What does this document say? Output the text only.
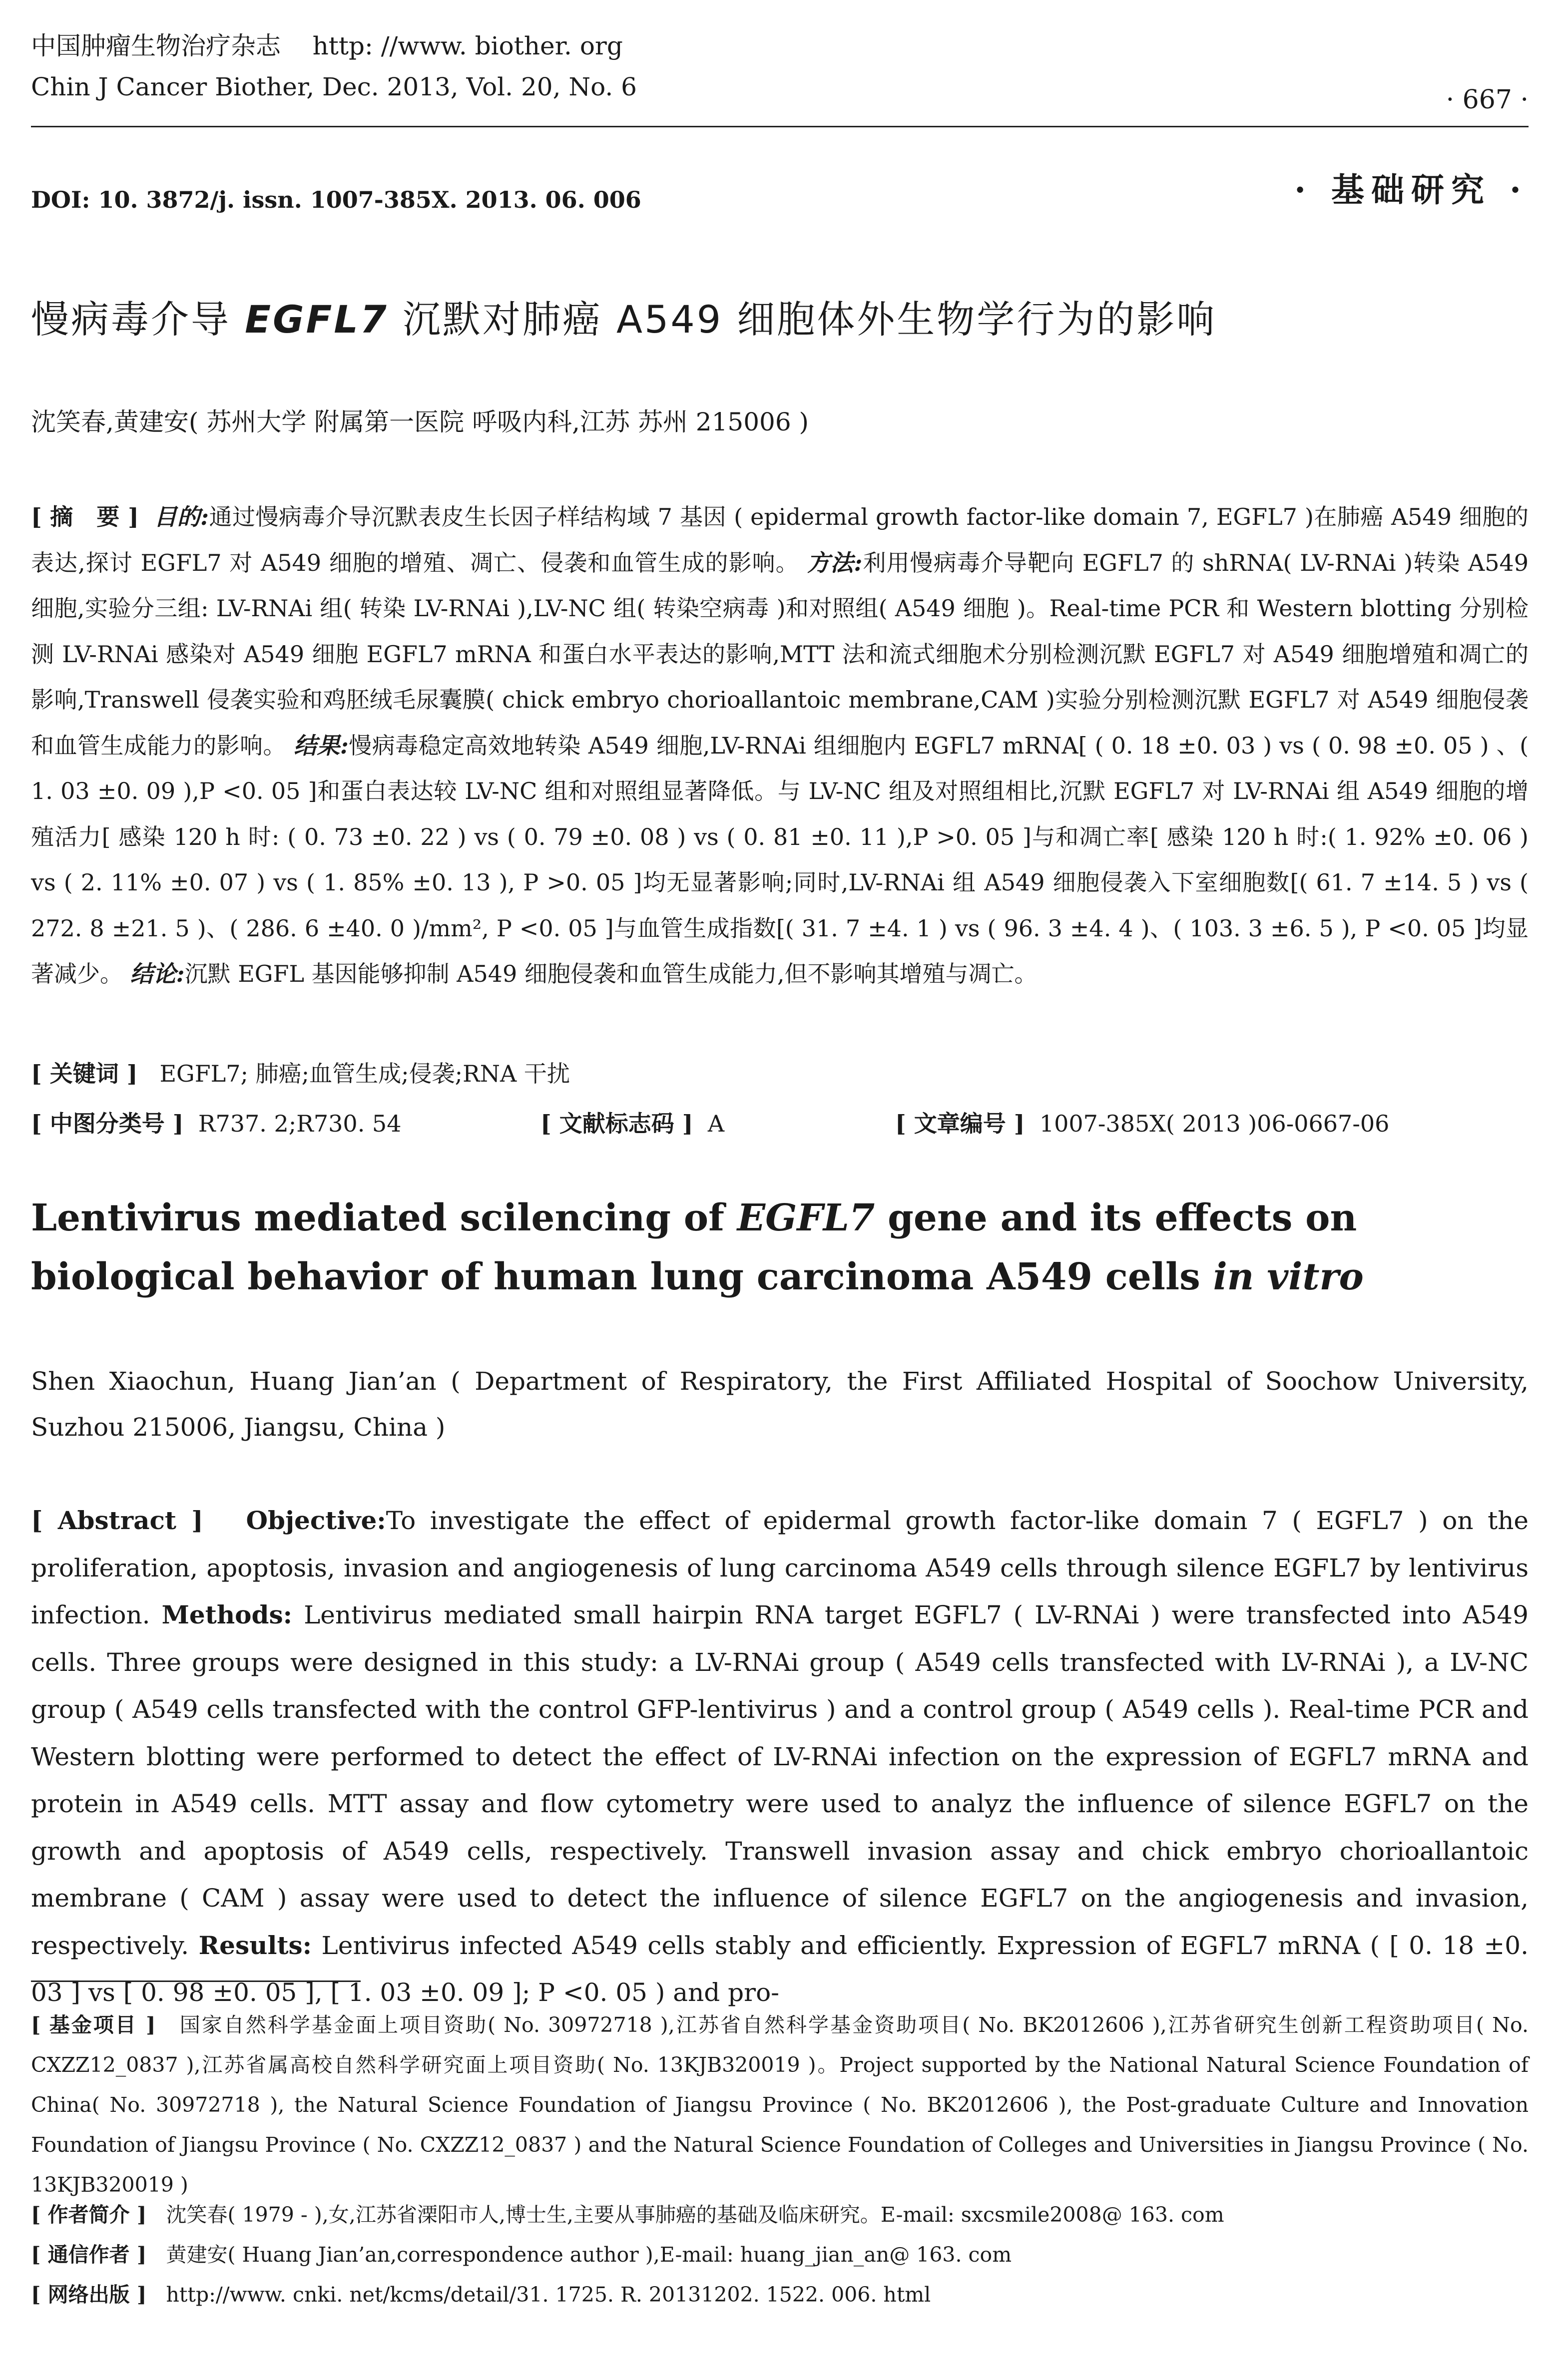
中国肿瘤生物治疗杂志 http: //www. biother. org
Chin J Cancer Biother, Dec. 2013, Vol. 20, No. 6	· 667 ·
DOI: 10. 3872/j. issn. 1007-385X. 2013. 06. 006	· 基础研究 ·
慢病毒介导 EGFL7 沉默对肺癌 A549 细胞体外生物学行为的影响
沈笑春,黄建安( 苏州大学 附属第一医院 呼吸内科,江苏 苏州 215006 )
[ 摘　要 ] 目的:通过慢病毒介导沉默表皮生长因子样结构域 7 基因 ( epidermal growth factor-like domain 7, EGFL7 )在肺癌 A549 细胞的表达,探讨 EGFL7 对 A549 细胞的增殖、凋亡、侵袭和血管生成的影响。 方法:利用慢病毒介导靶向 EGFL7 的 shRNA( LV-RNAi )转染 A549 细胞,实验分三组: LV-RNAi 组( 转染 LV-RNAi ),LV-NC 组( 转染空病毒 )和对照组( A549 细胞 )。Real-time PCR 和 Western blotting 分别检测 LV-RNAi 感染对 A549 细胞 EGFL7 mRNA 和蛋白水平表达的影响,MTT 法和流式细胞术分别检测沉默 EGFL7 对 A549 细胞增殖和凋亡的影响,Transwell 侵袭实验和鸡胚绒毛尿囊膜( chick embryo chorioallantoic membrane,CAM )实验分别检测沉默 EGFL7 对 A549 细胞侵袭和血管生成能力的影响。 结果:慢病毒稳定高效地转染 A549 细胞,LV-RNAi 组细胞内 EGFL7 mRNA[ ( 0. 18 ±0. 03 ) vs ( 0. 98 ±0. 05 ) 、( 1. 03 ±0. 09 ),P <0. 05 ]和蛋白表达较 LV-NC 组和对照组显著降低。与 LV-NC 组及对照组相比,沉默 EGFL7 对 LV-RNAi 组 A549 细胞的增殖活力[ 感染 120 h 时: ( 0. 73 ±0. 22 ) vs ( 0. 79 ±0. 08 ) vs ( 0. 81 ±0. 11 ),P >0. 05 ]与和凋亡率[ 感染 120 h 时:( 1. 92% ±0. 06 ) vs ( 2. 11% ±0. 07 ) vs ( 1. 85% ±0. 13 ), P >0. 05 ]均无显著影响;同时,LV-RNAi 组 A549 细胞侵袭入下室细胞数[( 61. 7 ±14. 5 ) vs ( 272. 8 ±21. 5 )、( 286. 6 ±40. 0 )/mm², P <0. 05 ]与血管生成指数[( 31. 7 ±4. 1 ) vs ( 96. 3 ±4. 4 )、( 103. 3 ±6. 5 ), P <0. 05 ]均显著减少。 结论:沉默 EGFL 基因能够抑制 A549 细胞侵袭和血管生成能力,但不影响其增殖与凋亡。
[ 关键词 ] EGFL7; 肺癌;血管生成;侵袭;RNA 干扰
[ 中图分类号 ] R737. 2;R730. 54	[ 文献标志码 ] A	[ 文章编号 ] 1007-385X( 2013 )06-0667-06
Lentivirus mediated scilencing of EGFL7 gene and its effects on biological behavior of human lung carcinoma A549 cells in vitro
Shen Xiaochun, Huang Jian’an ( Department of Respiratory, the First Affiliated Hospital of Soochow University, Suzhou 215006, Jiangsu, China )
[ Abstract ] Objective:To investigate the effect of epidermal growth factor-like domain 7 ( EGFL7 ) on the proliferation, apoptosis, invasion and angiogenesis of lung carcinoma A549 cells through silence EGFL7 by lentivirus infection. Methods: Lentivirus mediated small hairpin RNA target EGFL7 ( LV-RNAi ) were transfected into A549 cells. Three groups were designed in this study: a LV-RNAi group ( A549 cells transfected with LV-RNAi ), a LV-NC group ( A549 cells transfected with the control GFP-lentivirus ) and a control group ( A549 cells ). Real-time PCR and Western blotting were performed to detect the effect of LV-RNAi infection on the expression of EGFL7 mRNA and protein in A549 cells. MTT assay and flow cytometry were used to analyz the influence of silence EGFL7 on the growth and apoptosis of A549 cells, respectively. Transwell invasion assay and chick embryo chorioallantoic membrane ( CAM ) assay were used to detect the influence of silence EGFL7 on the angiogenesis and invasion, respectively. Results: Lentivirus infected A549 cells stably and efficiently. Expression of EGFL7 mRNA ( [ 0. 18 ±0. 03 ] vs [ 0. 98 ±0. 05 ], [ 1. 03 ±0. 09 ]; P <0. 05 ) and pro-
[ 基金项目 ] 国家自然科学基金面上项目资助( No. 30972718 ),江苏省自然科学基金资助项目( No. BK2012606 ),江苏省研究生创新工程资助项目( No. CXZZ12_0837 ),江苏省属高校自然科学研究面上项目资助( No. 13KJB320019 )。Project supported by the National Natural Science Foundation of China( No. 30972718 ), the Natural Science Foundation of Jiangsu Province ( No. BK2012606 ), the Post-graduate Culture and Innovation Foundation of Jiangsu Province ( No. CXZZ12_0837 ) and the Natural Science Foundation of Colleges and Universities in Jiangsu Province ( No. 13KJB320019 )
[ 作者简介 ] 沈笑春( 1979 - ),女,江苏省溧阳市人,博士生,主要从事肺癌的基础及临床研究。E-mail: sxcsmile2008@ 163. com
[ 通信作者 ] 黄建安( Huang Jian’an,correspondence author ),E-mail: huang_jian_an@ 163. com
[ 网络出版 ] http://www. cnki. net/kcms/detail/31. 1725. R. 20131202. 1522. 006. html
